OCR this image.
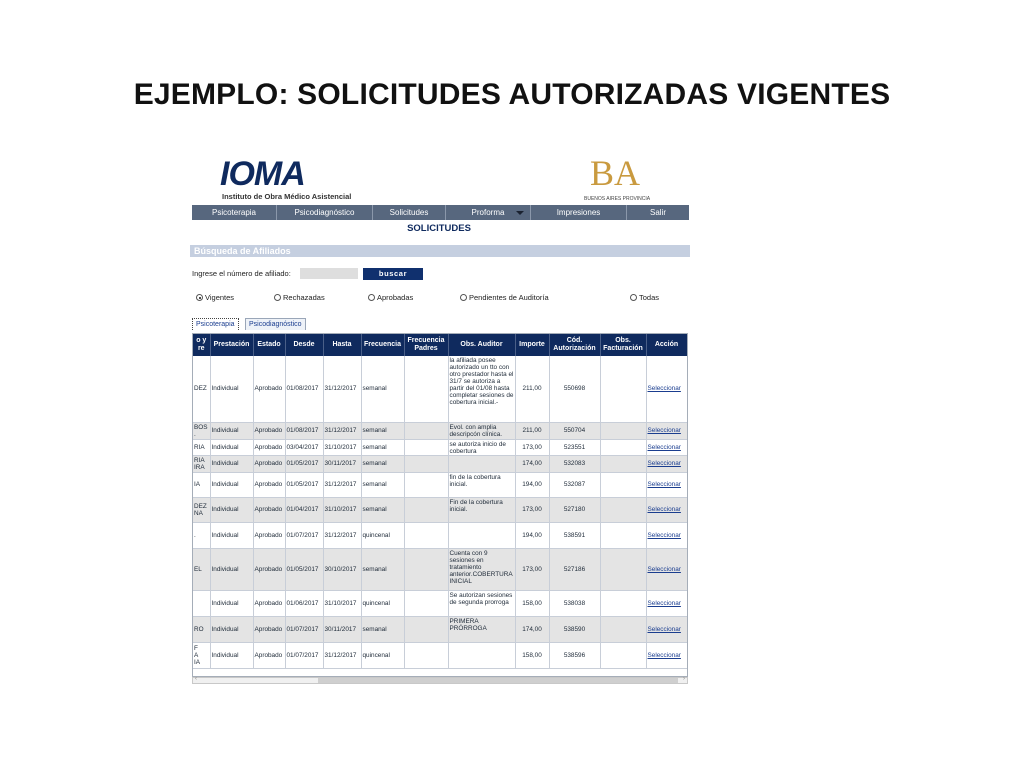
EJEMPLO: SOLICITUDES AUTORIZADAS VIGENTES
IOMA
Instituto de Obra Médico Asistencial
BA
BUENOS AIRES PROVINCIA
Psicoterapia	Psicodiagnóstico	Solicitudes	Proforma	Impresiones	Salir
SOLICITUDES
Búsqueda de Afiliados
Ingrese el número de afiliado:	buscar
Vigentes	Rechazadas	Aprobadas	Pendientes de Auditoría	Todas
Psicoterapia	Psicodiagnóstico
o y
re	Prestación	Estado	Desde	Hasta	Frecuencia	Frecuencia Padres	Obs. Auditor	Importe	Cód. Autorización	Obs. Facturación	Acción
DEZ	Individual	Aprobado	01/08/2017	31/12/2017	semanal		la afiliada posee autorizado un tto con otro prestador hasta el 31/7 se autoriza a partir del 01/08 hasta completar sesiones de cobertura inicial.-	211,00	550698		Seleccionar
BOS
.	Individual	Aprobado	01/08/2017	31/12/2017	semanal		Evol. con amplia descripcón clínica.	211,00	550704		Seleccionar
RIA	Individual	Aprobado	03/04/2017	31/10/2017	semanal		se autoriza inicio de cobertura	173,00	523551		Seleccionar
RIA
IRA	Individual	Aprobado	01/05/2017	30/11/2017	semanal			174,00	532083		Seleccionar
IA	Individual	Aprobado	01/05/2017	31/12/2017	semanal		fin de la cobertura inicial.	194,00	532087		Seleccionar
DEZ
NA	Individual	Aprobado	01/04/2017	31/10/2017	semanal		Fin de la cobertura inicial.	173,00	527180		Seleccionar
.	Individual	Aprobado	01/07/2017	31/12/2017	quincenal			194,00	538591		Seleccionar
EL	Individual	Aprobado	01/05/2017	30/10/2017	semanal		Cuenta con 9 sesiones en tratamiento anterior.COBERTURA INICIAL	173,00	527186		Seleccionar
	Individual	Aprobado	01/06/2017	31/10/2017	quincenal		Se autorizan sesiones de segunda prorroga	158,00	538038		Seleccionar
RO	Individual	Aprobado	01/07/2017	30/11/2017	semanal		PRIMERA PRÓRROGA	174,00	538590		Seleccionar
F
A
IA	Individual	Aprobado	01/07/2017	31/12/2017	quincenal			158,00	538596		Seleccionar
‹	›
